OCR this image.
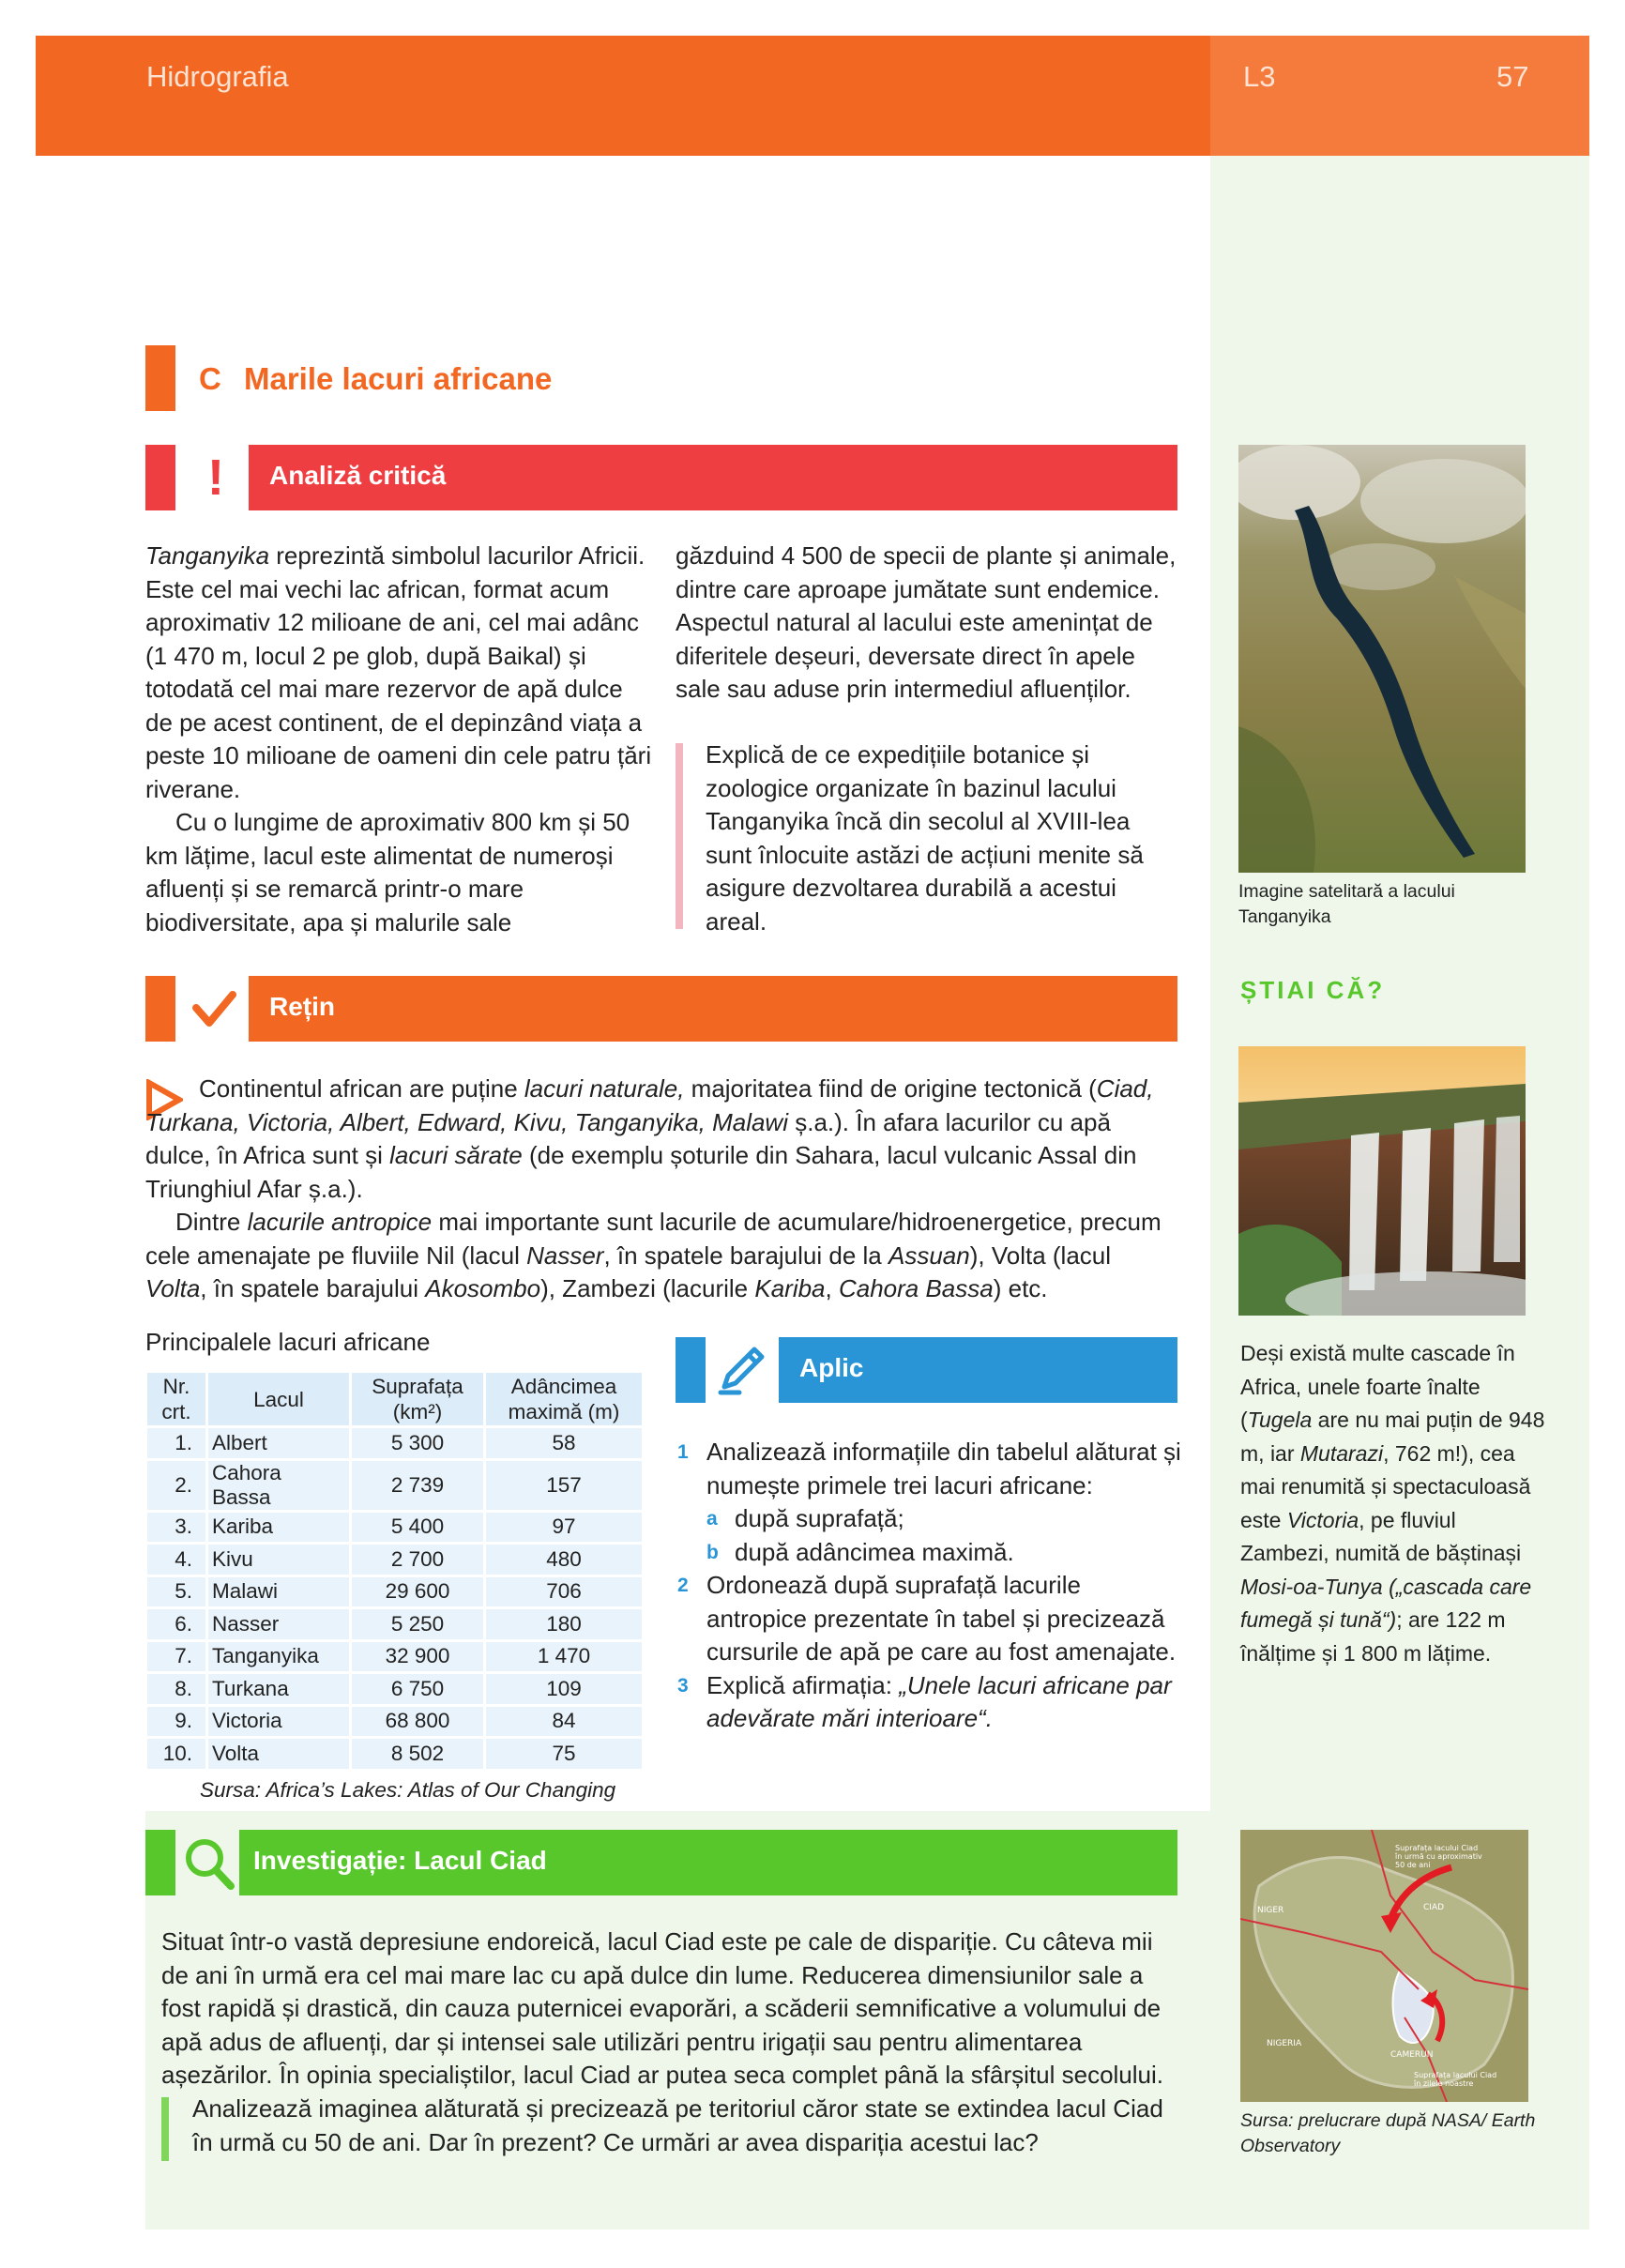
Hidrografia	L3	57
C Marile lacuri africane
!	Analiză critică

Tanganyika reprezintă simbolul lacurilor Africii. Este cel mai vechi lac african, format acum aproximativ 12 milioane de ani, cel mai adânc (1 470 m, locul 2 pe glob, după Baikal) și totodată cel mai mare rezervor de apă dulce de pe acest continent, de el depinzând viața a peste 10 milioane de oameni din cele patru țări riverane.

Cu o lungime de aproximativ 800 km și 50 km lățime, lacul este alimentat de numeroși afluenți și se remarcă printr-o mare biodiversitate, apa și malurile sale

găzduind 4 500 de specii de plante și animale, dintre care aproape jumătate sunt endemice. Aspectul natural al lacului este amenințat de diferitele deșeuri, deversate direct în apele sale sau aduse prin intermediul afluenților.

Explică de ce expedițiile botanice și zoologice organizate în bazinul lacului Tanganyika încă din secolul al XVIII-lea sunt înlocuite astăzi de acțiuni menite să asigure dezvoltarea durabilă a acestui areal.
Imagine satelitară a lacului Tanganyika
Rețin

Continentul african are puține lacuri naturale, majoritatea fiind de origine tectonică (Ciad, Turkana, Victoria, Albert, Edward, Kivu, Tanganyika, Malawi ș.a.). În afara lacurilor cu apă dulce, în Africa sunt și lacuri sărate (de exemplu șoturile din Sahara, lacul vulcanic Assal din Triunghiul Afar ș.a.).

Dintre lacurile antropice mai importante sunt lacurile de acumulare/hidroenergetice, precum cele amenajate pe fluviile Nil (lacul Nasser, în spatele barajului de la Assuan), Volta (lacul Volta, în spatele barajului Akosombo), Zambezi (lacurile Kariba, Cahora Bassa) etc.

Principalele lacuri africane
Nr. crt.	Lacul	Suprafața (km²)	Adâncimea maximă (m)
1.	Albert	5 300	58
2.	Cahora Bassa	2 739	157
3.	Kariba	5 400	97
4.	Kivu	2 700	480
5.	Malawi	29 600	706
6.	Nasser	5 250	180
7.	Tanganyika	32 900	1 470
8.	Turkana	6 750	109
9.	Victoria	68 800	84
10.	Volta	8 502	75
Sursa: Africa’s Lakes: Atlas of Our Changing
Aplic
1 Analizează informațiile din tabelul alăturat și numește primele trei lacuri africane:
a după suprafață;
b după adâncimea maximă.
2 Ordonează după suprafață lacurile antropice prezentate în tabel și precizează cursurile de apă pe care au fost amenajate.
3 Explică afirmația: „Unele lacuri africane par adevărate mări interioare“.
ȘTIAI CĂ?
Deși există multe cascade în Africa, unele foarte înalte (Tugela are nu mai puțin de 948 m, iar Mutarazi, 762 m!), cea mai renumită și spectaculoasă este Victoria, pe fluviul Zambezi, numită de băștinași Mosi-oa-Tunya („cascada care fumegă și tună“); are 122 m înălțime și 1 800 m lățime.
Investigație: Lacul Ciad
Situat într-o vastă depresiune endoreică, lacul Ciad este pe cale de dispariție. Cu câteva mii de ani în urmă era cel mai mare lac cu apă dulce din lume. Reducerea dimensiunilor sale a fost rapidă și drastică, din cauza puternicei evaporări, a scăderii semnificative a volumului de apă adus de afluenți, dar și intensei sale utilizări pentru irigații sau pentru alimentarea așezărilor. În opinia specialiștilor, lacul Ciad ar putea seca complet până la sfârșitul secolului.
Analizează imaginea alăturată și precizează pe teritoriul căror state se extindea lacul Ciad în urmă cu 50 de ani. Dar în prezent? Ce urmări ar avea dispariția acestui lac?
Suprafața lacului Ciad în urmă cu aproximativ 50 de ani
NIGER	CIAD
NIGERIA
CAMERUN
Suprafața lacului Ciad în zilele noastre
Sursa: prelucrare după NASA/ Earth Observatory
